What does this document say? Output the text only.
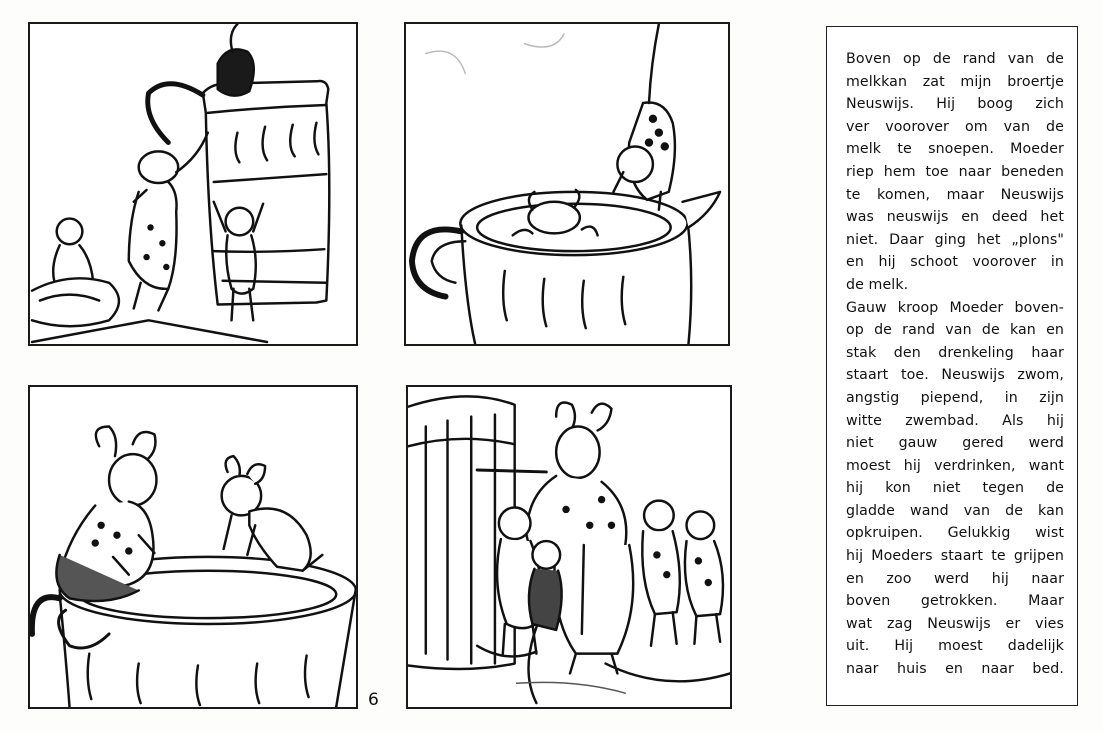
6

Boven op de rand van de
melkkan zat mijn broertje
Neuswijs. Hij boog zich
ver voorover om van de
melk te snoepen. Moeder
riep hem toe naar beneden
te komen, maar Neuswijs
was neuswijs en deed het
niet. Daar ging het „plons"
en hij schoot voorover in
de melk.
Gauw kroop Moeder boven-
op de rand van de kan en
stak den drenkeling haar
staart toe. Neuswijs zwom,
angstig piepend, in zijn
witte zwembad. Als hij
niet gauw gered werd
moest hij verdrinken, want
hij kon niet tegen de
gladde wand van de kan
opkruipen. Gelukkig wist
hij Moeders staart te grijpen
en zoo werd hij naar
boven getrokken. Maar
wat zag Neuswijs er vies
uit. Hij moest dadelijk
naar huis en naar bed.
